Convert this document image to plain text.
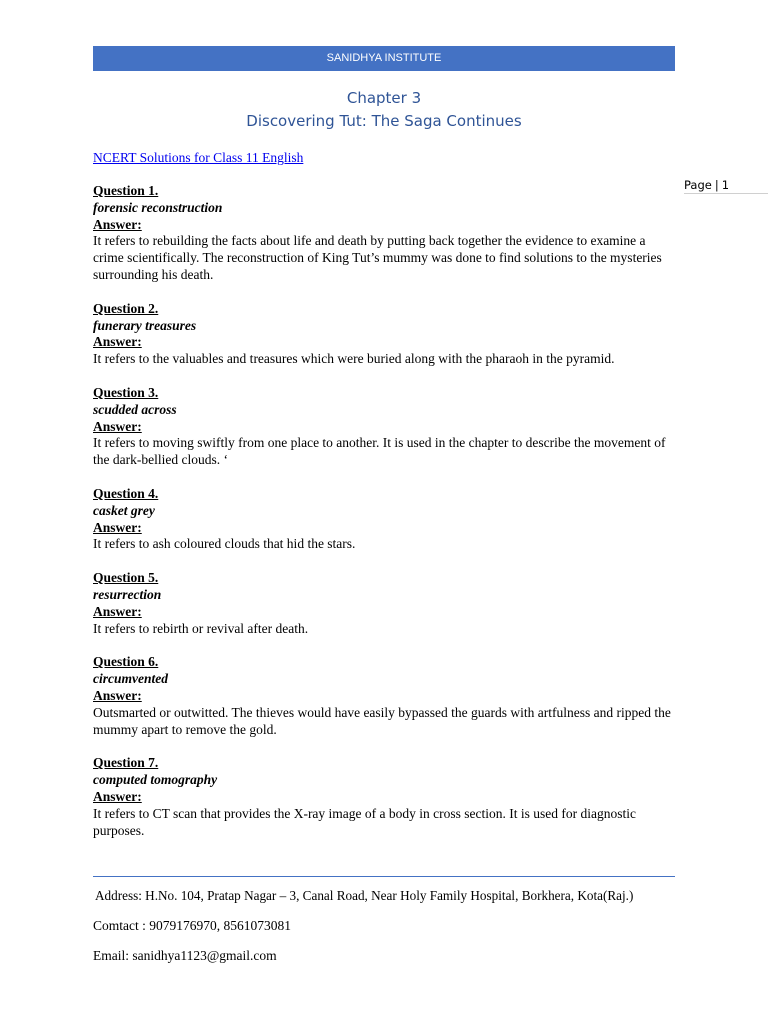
SANIDHYA INSTITUTE
Chapter 3
Discovering Tut: The Saga Continues
NCERT Solutions for Class 11 English
Page | 1
Question 1.
forensic reconstruction
Answer:
It refers to rebuilding the facts about life and death by putting back together the evidence to examine a crime scientifically. The reconstruction of King Tut’s mummy was done to find solutions to the mysteries surrounding his death.
Question 2.
funerary treasures
Answer:
It refers to the valuables and treasures which were buried along with the pharaoh in the pyramid.
Question 3.
scudded across
Answer:
It refers to moving swiftly from one place to another. It is used in the chapter to describe the movement of the dark-bellied clouds. ‘
Question 4.
casket grey
Answer:
It refers to ash coloured clouds that hid the stars.
Question 5.
resurrection
Answer:
It refers to rebirth or revival after death.
Question 6.
circumvented
Answer:
Outsmarted or outwitted. The thieves would have easily bypassed the guards with artfulness and ripped the mummy apart to remove the gold.
Question 7.
computed tomography
Answer:
It refers to CT scan that provides the X-ray image of a body in cross section. It is used for diagnostic purposes.
Address: H.No. 104, Pratap Nagar – 3, Canal Road, Near Holy Family Hospital, Borkhera, Kota(Raj.)
Comtact : 9079176970, 8561073081
Email: sanidhya1123@gmail.com
